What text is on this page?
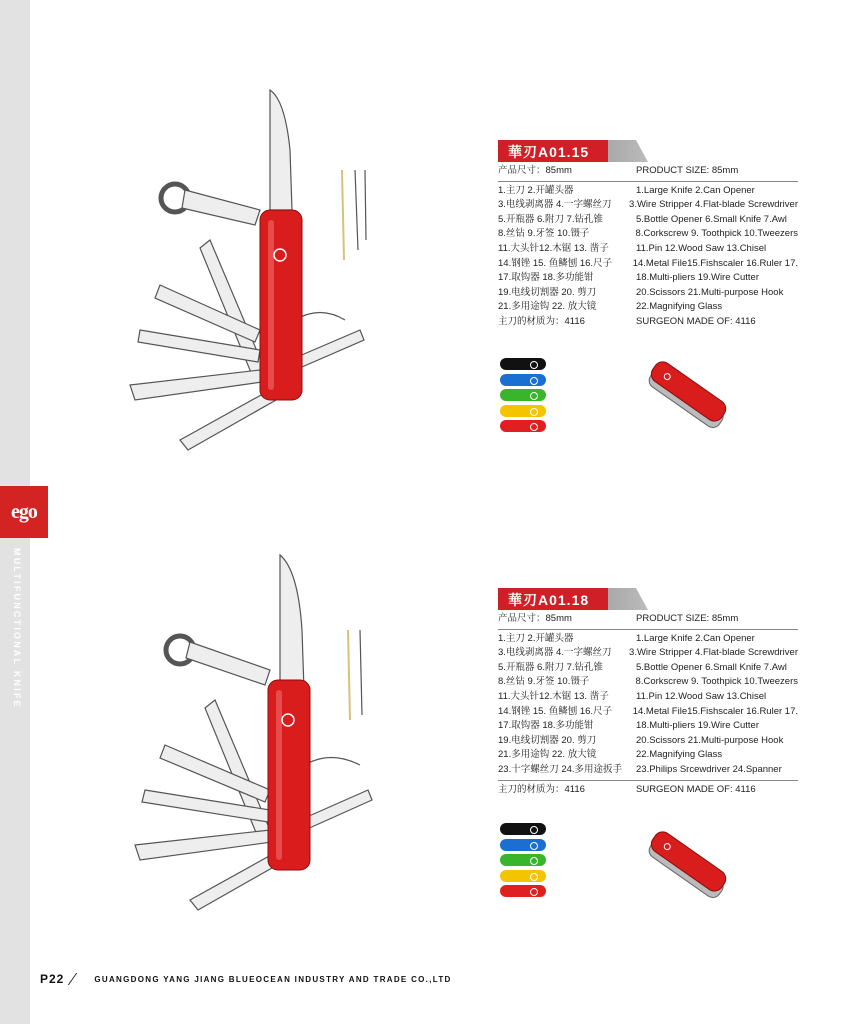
ego
MULTIFUNCTIONAL KNIFE
華刃A01.15
产品尺寸：85mm	PRODUCT SIZE: 85mm
1.主刀 2.开罐头器	1.Large Knife 2.Can Opener
3.电线剥离器 4.一字螺丝刀	3.Wire Stripper 4.Flat-blade Screwdriver
5.开瓶器 6.附刀 7.钻孔锥	5.Bottle Opener 6.Small Knife 7.Awl
8.丝钻 9.牙签 10.镊子	8.Corkscrew 9. Toothpick 10.Tweezers
11.大头针12.木锯 13. 凿子	11.Pin 12.Wood Saw 13.Chisel
14.钢锉 15. 鱼鳞刨 16.尺子	14.Metal File15.Fishscaler 16.Ruler 17.
17.取钩器 18.多功能钳	18.Multi-pliers 19.Wire Cutter
19.电线切割器 20. 剪刀	20.Scissors 21.Multi-purpose Hook
21.多用途钩 22. 放大镜	22.Magnifying Glass
主刀的材质为：4116	SURGEON MADE OF: 4116
華刃A01.18
产品尺寸：85mm	PRODUCT SIZE: 85mm
1.主刀 2.开罐头器	1.Large Knife 2.Can Opener
3.电线剥离器 4.一字螺丝刀	3.Wire Stripper 4.Flat-blade Screwdriver
5.开瓶器 6.附刀 7.钻孔锥	5.Bottle Opener 6.Small Knife 7.Awl
8.丝钻 9.牙签 10.镊子	8.Corkscrew 9. Toothpick 10.Tweezers
11.大头针12.木锯 13. 凿子	11.Pin 12.Wood Saw 13.Chisel
14.钢锉 15. 鱼鳞刨 16.尺子	14.Metal File15.Fishscaler 16.Ruler 17.
17.取钩器 18.多功能钳	18.Multi-pliers 19.Wire Cutter
19.电线切割器 20. 剪刀	20.Scissors 21.Multi-purpose Hook
21.多用途钩 22. 放大镜	22.Magnifying Glass
23.十字螺丝刀 24.多用途扳手	23.Philips Srcewdriver 24.Spanner
主刀的材质为：4116	SURGEON MADE OF: 4116
P22	GUANGDONG YANG JIANG BLUEOCEAN INDUSTRY AND TRADE CO.,LTD
